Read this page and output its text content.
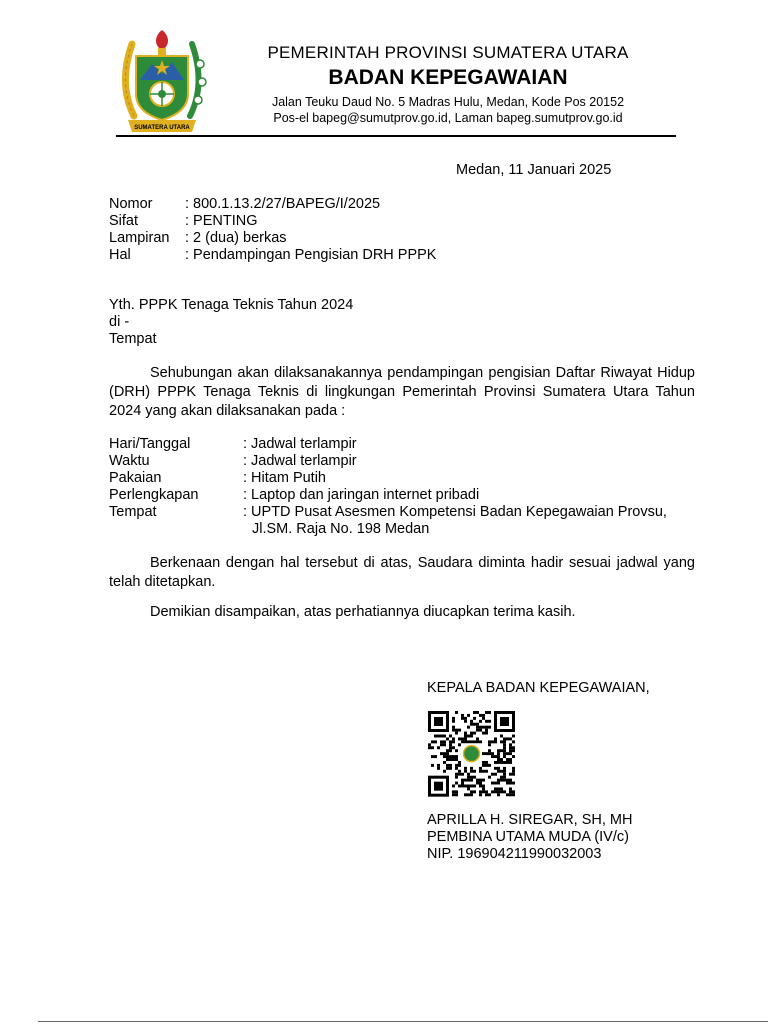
SUMATERA UTARA
PEMERINTAH PROVINSI SUMATERA UTARA
BADAN KEPEGAWAIAN
Jalan Teuku Daud No. 5 Madras Hulu, Medan, Kode Pos 20152
Pos-el bapeg@sumutprov.go.id, Laman bapeg.sumutprov.go.id
Medan, 11 Januari 2025
Nomor	: 800.1.13.2/27/BAPEG/I/2025
Sifat	: PENTING
Lampiran	: 2 (dua) berkas
Hal	: Pendampingan Pengisian DRH PPPK
Yth. PPPK Tenaga Teknis Tahun 2024
di -
Tempat

Sehubungan akan dilaksanakannya pendampingan pengisian Daftar Riwayat Hidup (DRH) PPPK Tenaga Teknis di lingkungan Pemerintah Provinsi Sumatera Utara Tahun 2024 yang akan dilaksanakan pada :

Hari/Tanggal	: Jadwal terlampir
Waktu	: Jadwal terlampir
Pakaian	: Hitam Putih
Perlengkapan	: Laptop dan jaringan internet pribadi
Tempat	: UPTD Pusat Asesmen Kompetensi Badan Kepegawaian Provsu, Jl.SM. Raja No. 198 Medan

Berkenaan dengan hal tersebut di atas, Saudara diminta hadir sesuai jadwal yang telah ditetapkan.

Demikian disampaikan, atas perhatiannya diucapkan terima kasih.

KEPALA BADAN KEPEGAWAIAN,
APRILLA H. SIREGAR, SH, MH
PEMBINA UTAMA MUDA (IV/c)
NIP. 196904211990032003
